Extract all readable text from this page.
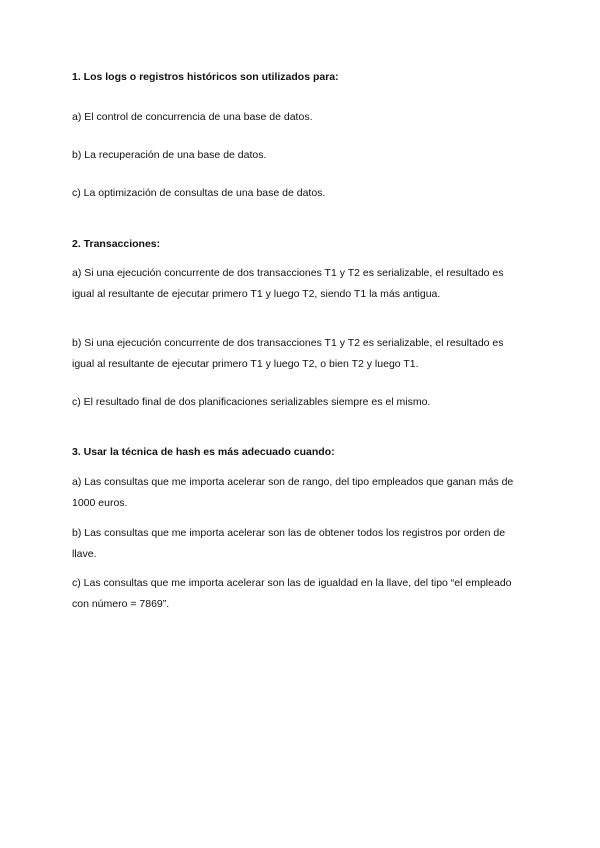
1. Los logs o registros históricos son utilizados para:
a) El control de concurrencia de una base de datos.
b) La recuperación de una base de datos.
c) La optimización de consultas de una base de datos.
2. Transacciones:
a) Si una ejecución concurrente de dos transacciones T1 y T2 es serializable, el resultado es igual al resultante de ejecutar primero T1 y luego T2, siendo T1 la más antigua.
b) Si una ejecución concurrente de dos transacciones T1 y T2 es serializable, el resultado es igual al resultante de ejecutar primero T1 y luego T2, o bien T2 y luego T1.
c) El resultado final de dos planificaciones serializables siempre es el mismo.
3. Usar la técnica de hash es más adecuado cuando:
a) Las consultas que me importa acelerar son de rango, del tipo empleados que ganan más de 1000 euros.
b) Las consultas que me importa acelerar son las de obtener todos los registros por orden de llave.
c) Las consultas que me importa acelerar son las de igualdad en la llave, del tipo “el empleado con número = 7869”.
